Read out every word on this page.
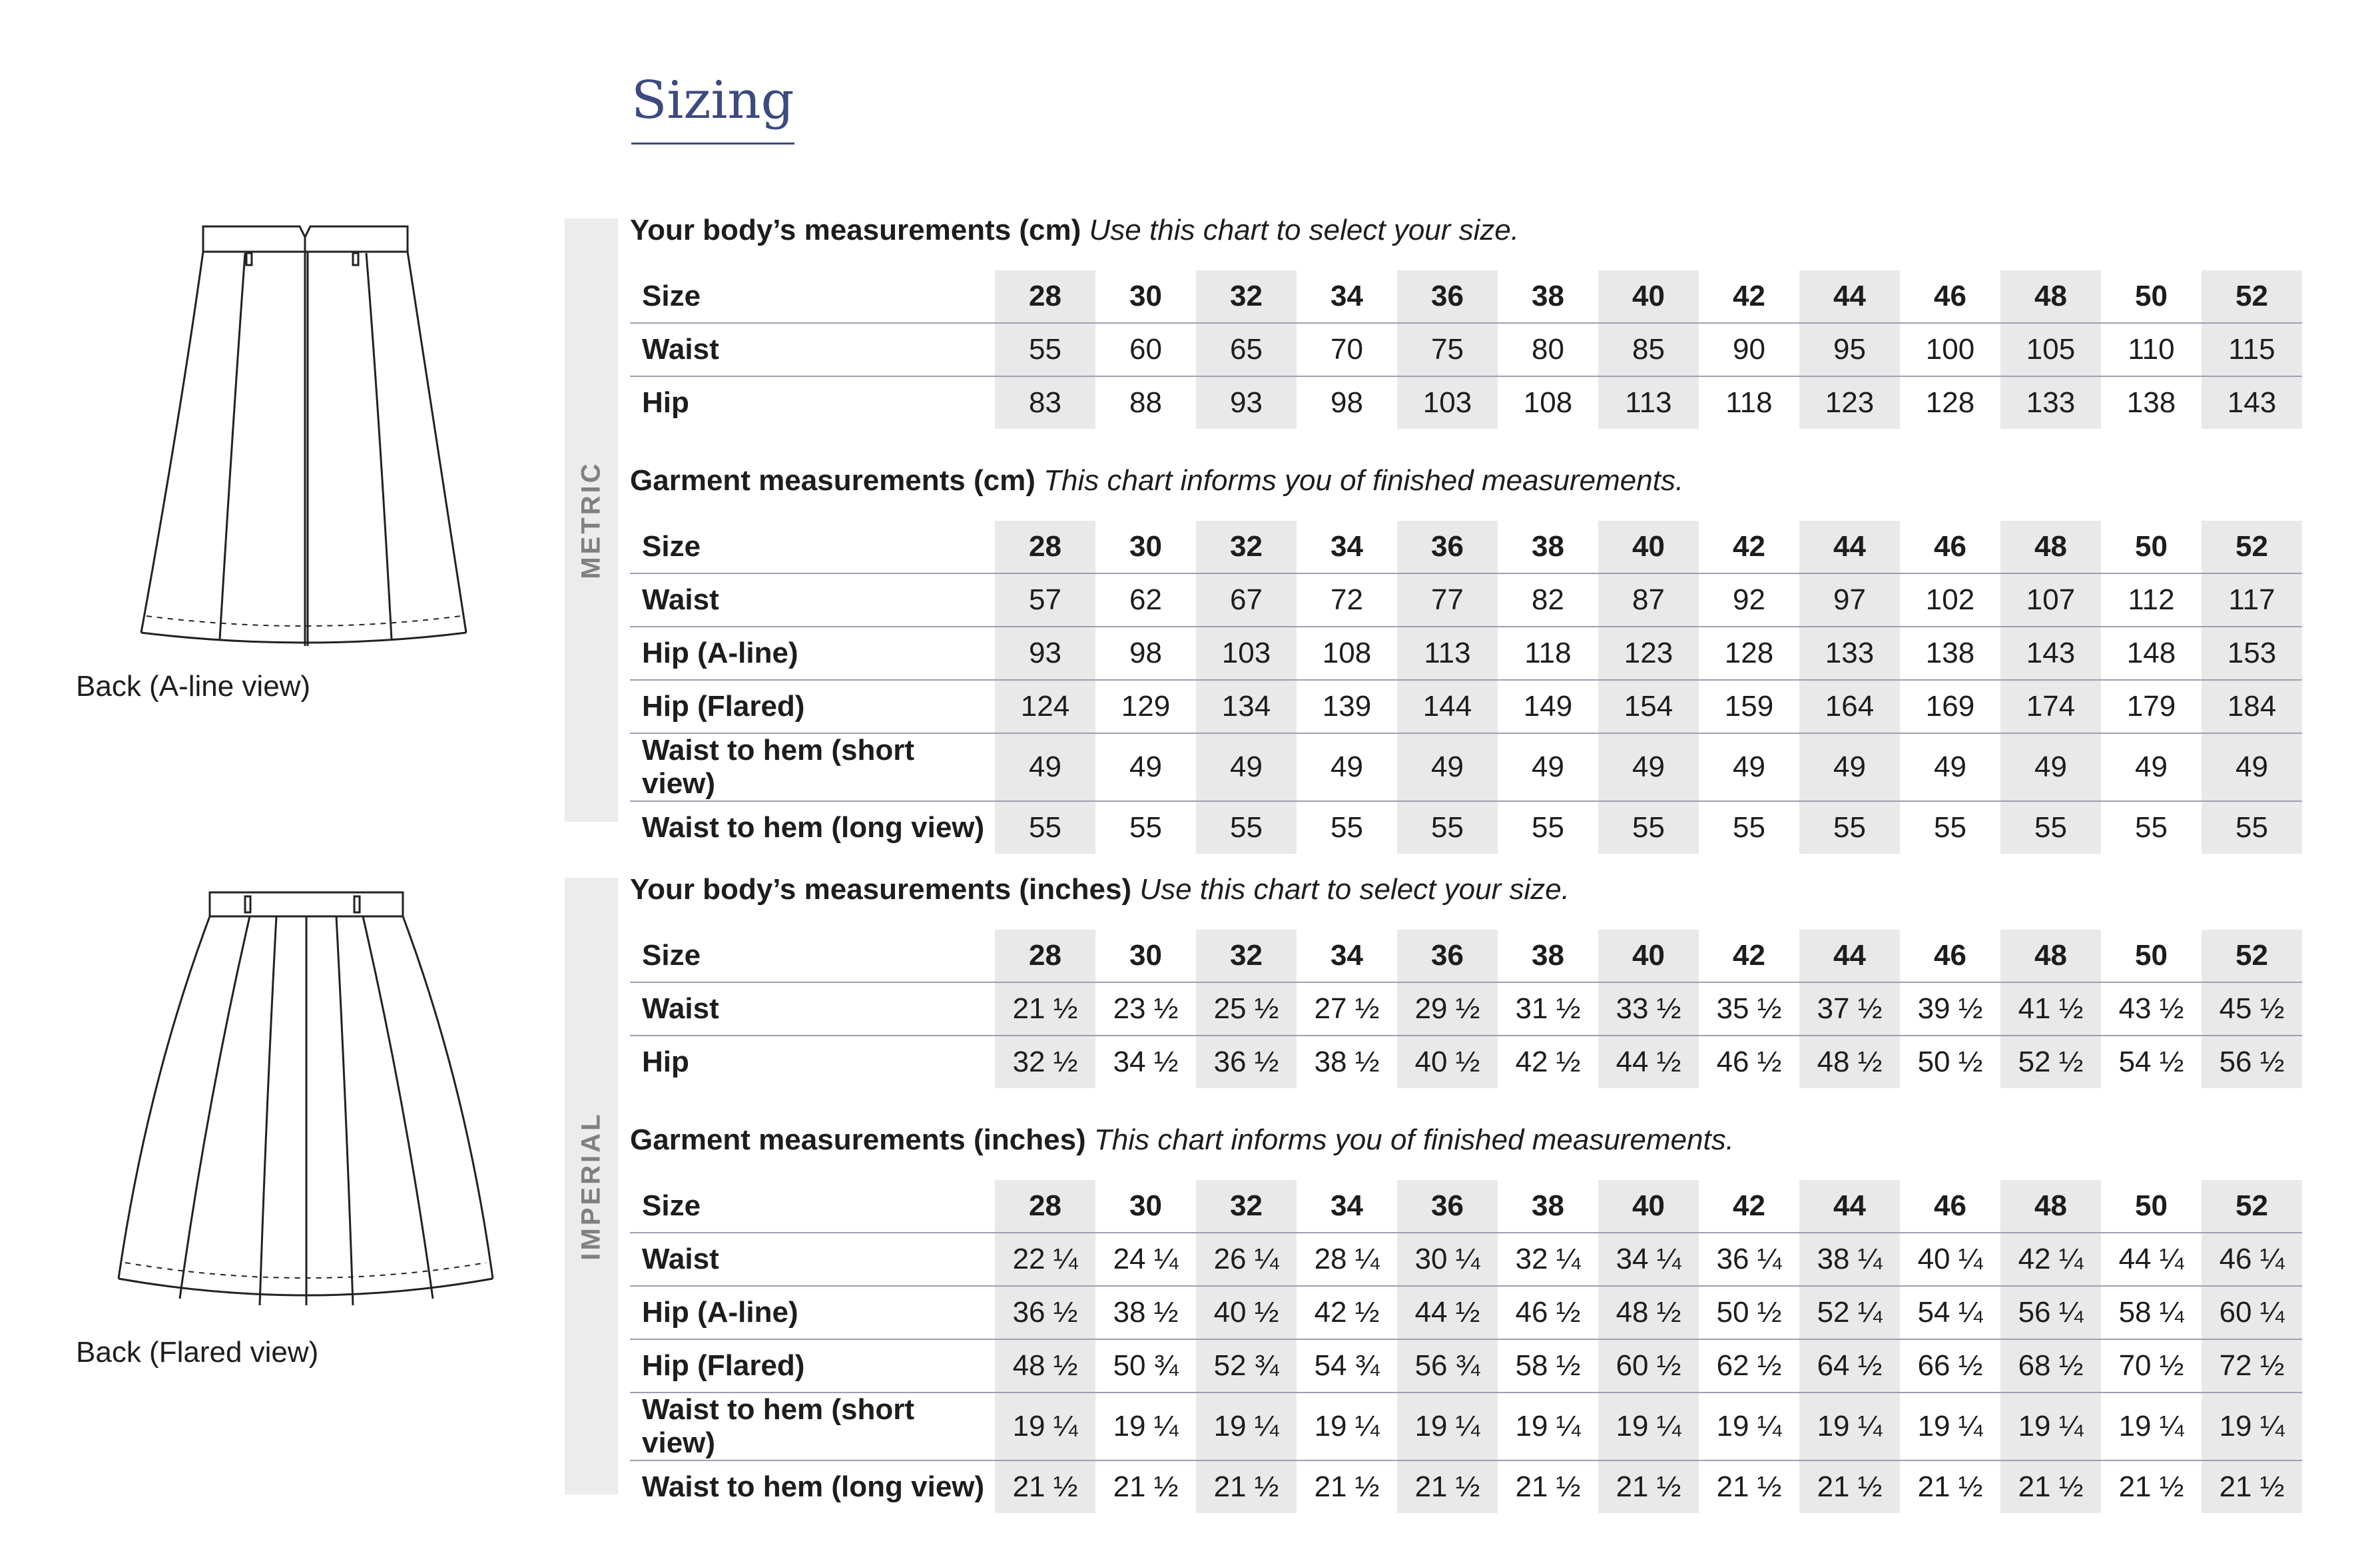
Sizing
Back (A-line view)
Back (Flared view)
METRIC
IMPERIAL
Your body’s measurements (cm) Use this chart to select your size.
Size	28	30	32	34	36	38	40	42	44	46	48	50	52
Waist	55	60	65	70	75	80	85	90	95	100	105	110	115
Hip	83	88	93	98	103	108	113	118	123	128	133	138	143
Garment measurements (cm) This chart informs you of finished measurements.
Size	28	30	32	34	36	38	40	42	44	46	48	50	52
Waist	57	62	67	72	77	82	87	92	97	102	107	112	117
Hip (A-line)	93	98	103	108	113	118	123	128	133	138	143	148	153
Hip (Flared)	124	129	134	139	144	149	154	159	164	169	174	179	184
Waist to hem (short view)	49	49	49	49	49	49	49	49	49	49	49	49	49
Waist to hem (long view)	55	55	55	55	55	55	55	55	55	55	55	55	55
Your body’s measurements (inches) Use this chart to select your size.
Size	28	30	32	34	36	38	40	42	44	46	48	50	52
Waist	21 ½	23 ½	25 ½	27 ½	29 ½	31 ½	33 ½	35 ½	37 ½	39 ½	41 ½	43 ½	45 ½
Hip	32 ½	34 ½	36 ½	38 ½	40 ½	42 ½	44 ½	46 ½	48 ½	50 ½	52 ½	54 ½	56 ½
Garment measurements (inches) This chart informs you of finished measurements.
Size	28	30	32	34	36	38	40	42	44	46	48	50	52
Waist	22 ¼	24 ¼	26 ¼	28 ¼	30 ¼	32 ¼	34 ¼	36 ¼	38 ¼	40 ¼	42 ¼	44 ¼	46 ¼
Hip (A-line)	36 ½	38 ½	40 ½	42 ½	44 ½	46 ½	48 ½	50 ½	52 ¼	54 ¼	56 ¼	58 ¼	60 ¼
Hip (Flared)	48 ½	50 ¾	52 ¾	54 ¾	56 ¾	58 ½	60 ½	62 ½	64 ½	66 ½	68 ½	70 ½	72 ½
Waist to hem (short view)	19 ¼	19 ¼	19 ¼	19 ¼	19 ¼	19 ¼	19 ¼	19 ¼	19 ¼	19 ¼	19 ¼	19 ¼	19 ¼
Waist to hem (long view)	21 ½	21 ½	21 ½	21 ½	21 ½	21 ½	21 ½	21 ½	21 ½	21 ½	21 ½	21 ½	21 ½
